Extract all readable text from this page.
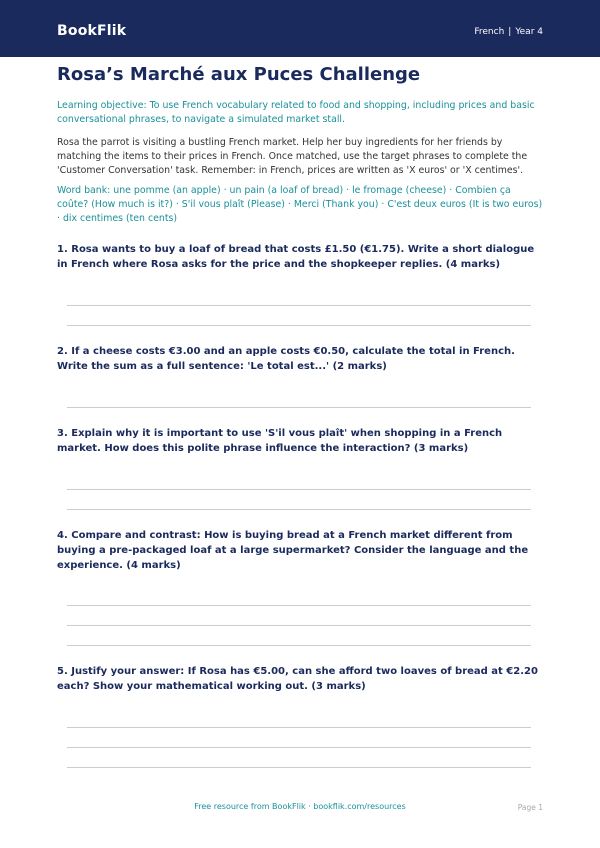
BookFlik	French | Year 4
Rosa’s Marché aux Puces Challenge
Learning objective: To use French vocabulary related to food and shopping, including prices and basic conversational phrases, to navigate a simulated market stall.
Rosa the parrot is visiting a bustling French market. Help her buy ingredients for her friends by matching the items to their prices in French. Once matched, use the target phrases to complete the 'Customer Conversation' task. Remember: in French, prices are written as 'X euros' or 'X centimes'.
Word bank: une pomme (an apple) · un pain (a loaf of bread) · le fromage (cheese) · Combien ça coûte? (How much is it?) · S'il vous plaît (Please) · Merci (Thank you) · C'est deux euros (It is two euros) · dix centimes (ten cents)
1. Rosa wants to buy a loaf of bread that costs £1.50 (€1.75). Write a short dialogue in French where Rosa asks for the price and the shopkeeper replies. (4 marks)
2. If a cheese costs €3.00 and an apple costs €0.50, calculate the total in French. Write the sum as a full sentence: 'Le total est...' (2 marks)
3. Explain why it is important to use 'S'il vous plaît' when shopping in a French market. How does this polite phrase influence the interaction? (3 marks)
4. Compare and contrast: How is buying bread at a French market different from buying a pre-packaged loaf at a large supermarket? Consider the language and the experience. (4 marks)
5. Justify your answer: If Rosa has €5.00, can she afford two loaves of bread at €2.20 each? Show your mathematical working out. (3 marks)
Free resource from BookFlik · bookflik.com/resources	Page 1
